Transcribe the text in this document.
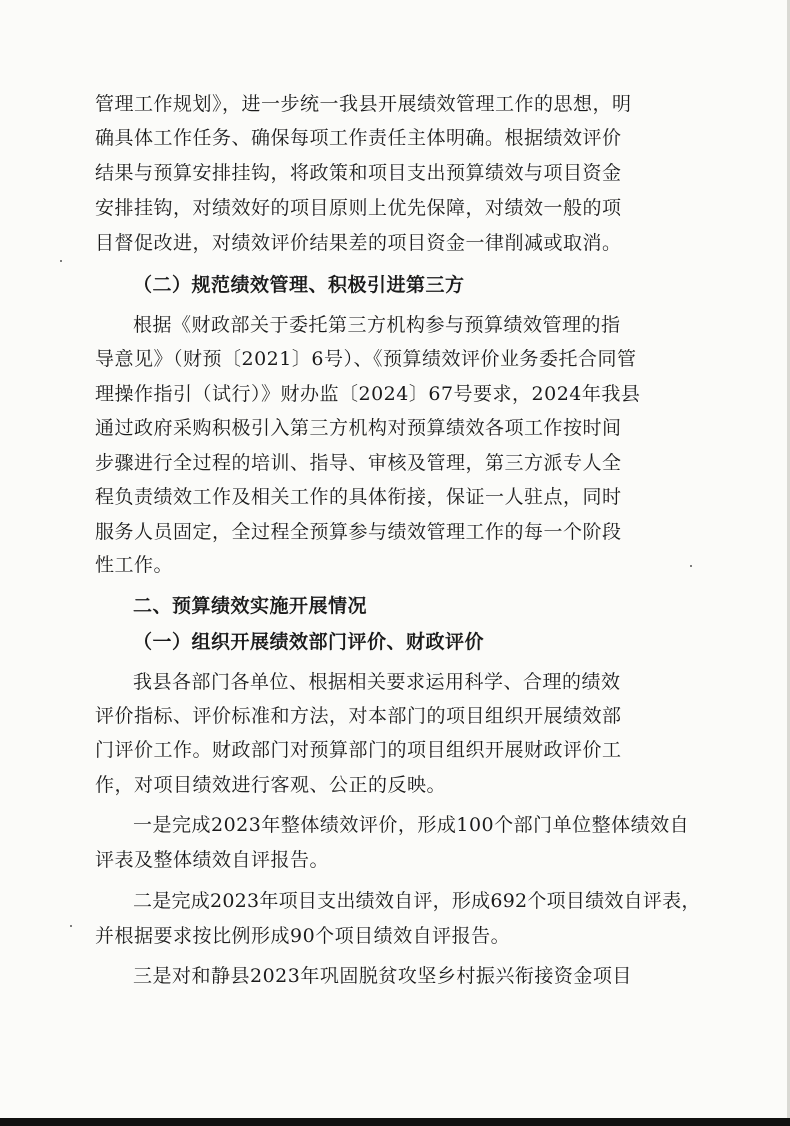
管理工作规划》，进一步统一我县开展绩效管理工作的思想，明
确具体工作任务、确保每项工作责任主体明确。根据绩效评价
结果与预算安排挂钩，将政策和项目支出预算绩效与项目资金
安排挂钩，对绩效好的项目原则上优先保障，对绩效一般的项
目督促改进，对绩效评价结果差的项目资金一律削减或取消。
（二）规范绩效管理、积极引进第三方
根据《财政部关于委托第三方机构参与预算绩效管理的指
导意见》（财预〔2021〕6号）、《预算绩效评价业务委托合同管
理操作指引（试行）》财办监〔2024〕67号要求，2024年我县
通过政府采购积极引入第三方机构对预算绩效各项工作按时间
步骤进行全过程的培训、指导、审核及管理，第三方派专人全
程负责绩效工作及相关工作的具体衔接，保证一人驻点，同时
服务人员固定，全过程全预算参与绩效管理工作的每一个阶段
性工作。
二、预算绩效实施开展情况
（一）组织开展绩效部门评价、财政评价
我县各部门各单位、根据相关要求运用科学、合理的绩效
评价指标、评价标准和方法，对本部门的项目组织开展绩效部
门评价工作。财政部门对预算部门的项目组织开展财政评价工
作，对项目绩效进行客观、公正的反映。
一是完成2023年整体绩效评价，形成100个部门单位整体绩效自
评表及整体绩效自评报告。
二是完成2023年项目支出绩效自评，形成692个项目绩效自评表，
并根据要求按比例形成90个项目绩效自评报告。
三是对和静县2023年巩固脱贫攻坚乡村振兴衔接资金项目
